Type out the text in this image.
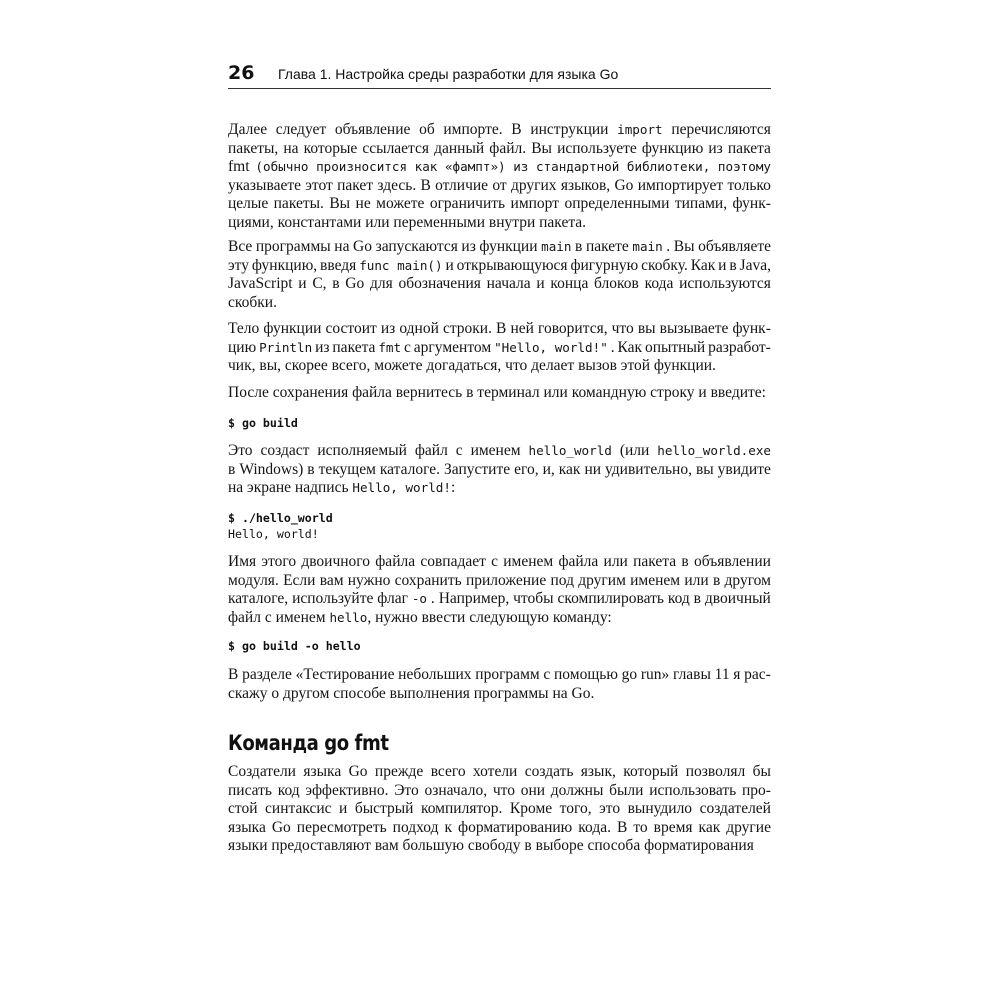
26 Глава 1. Настройка среды разработки для языка Go
Далее следует объявление об импорте. В инструкции import перечисляются
пакеты, на которые ссылается данный файл. Вы используете функцию из пакета
fmt (обычно произносится как «фампт») из стандартной библиотеки, поэтому
указываете этот пакет здесь. В отличие от других языков, Go импортирует только
целые пакеты. Вы не можете ограничить импорт определенными типами, функ-
циями, константами или переменными внутри пакета.
Все программы на Go запускаются из функции main в пакете main . Вы объявляете
эту функцию, введя func main() и открывающуюся фигурную скобку. Как и в Java,
JavaScript и C, в Go для обозначения начала и конца блоков кода используются
скобки.
Тело функции состоит из одной строки. В ней говорится, что вы вызываете функ-
цию Println из пакета fmt с аргументом "Hello, world!" . Как опытный разработ-
чик, вы, скорее всего, можете догадаться, что делает вызов этой функции.
После сохранения файла вернитесь в терминал или командную строку и введите:
$ go build
Это создаст исполняемый файл с именем hello_world (или hello_world.exe
в Windows) в текущем каталоге. Запустите его, и, как ни удивительно, вы увидите
на экране надпись Hello, world! :
$ ./hello_world
Hello, world!
Имя этого двоичного файла совпадает с именем файла или пакета в объявлении
модуля. Если вам нужно сохранить приложение под другим именем или в другом
каталоге, используйте флаг -o . Например, чтобы скомпилировать код в двоичный
файл с именем hello , нужно ввести следующую команду:
$ go build -o hello
В разделе «Тестирование небольших программ с помощью go run» главы 11 я рас-
скажу о другом способе выполнения программы на Go.
Команда go fmt
Создатели языка Go прежде всего хотели создать язык, который позволял бы
писать код эффективно. Это означало, что они должны были использовать про-
стой синтаксис и быстрый компилятор. Кроме того, это вынудило создателей
языка Go пересмотреть подход к форматированию кода. В то время как другие
языки предоставляют вам большую свободу в выборе способа форматирования
